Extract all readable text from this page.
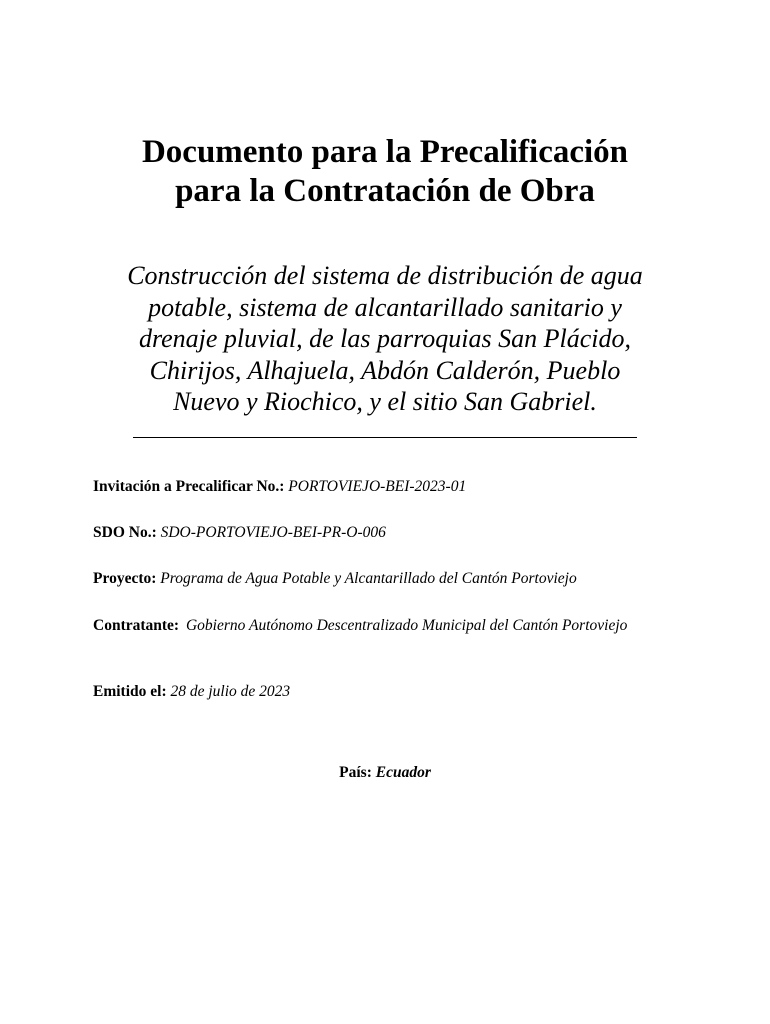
Documento para la Precalificación
para la Contratación de Obra

Construcción del sistema de distribución de agua
potable, sistema de alcantarillado sanitario y
drenaje pluvial, de las parroquias San Plácido,
Chirijos, Alhajuela, Abdón Calderón, Pueblo
Nuevo y Riochico, y el sitio San Gabriel.

Invitación a Precalificar No.: PORTOVIEJO-BEI-2023-01

SDO No.: SDO-PORTOVIEJO-BEI-PR-O-006

Proyecto: Programa de Agua Potable y Alcantarillado del Cantón Portoviejo

Contratante: Gobierno Autónomo Descentralizado Municipal del Cantón Portoviejo

Emitido el: 28 de julio de 2023

País: Ecuador
